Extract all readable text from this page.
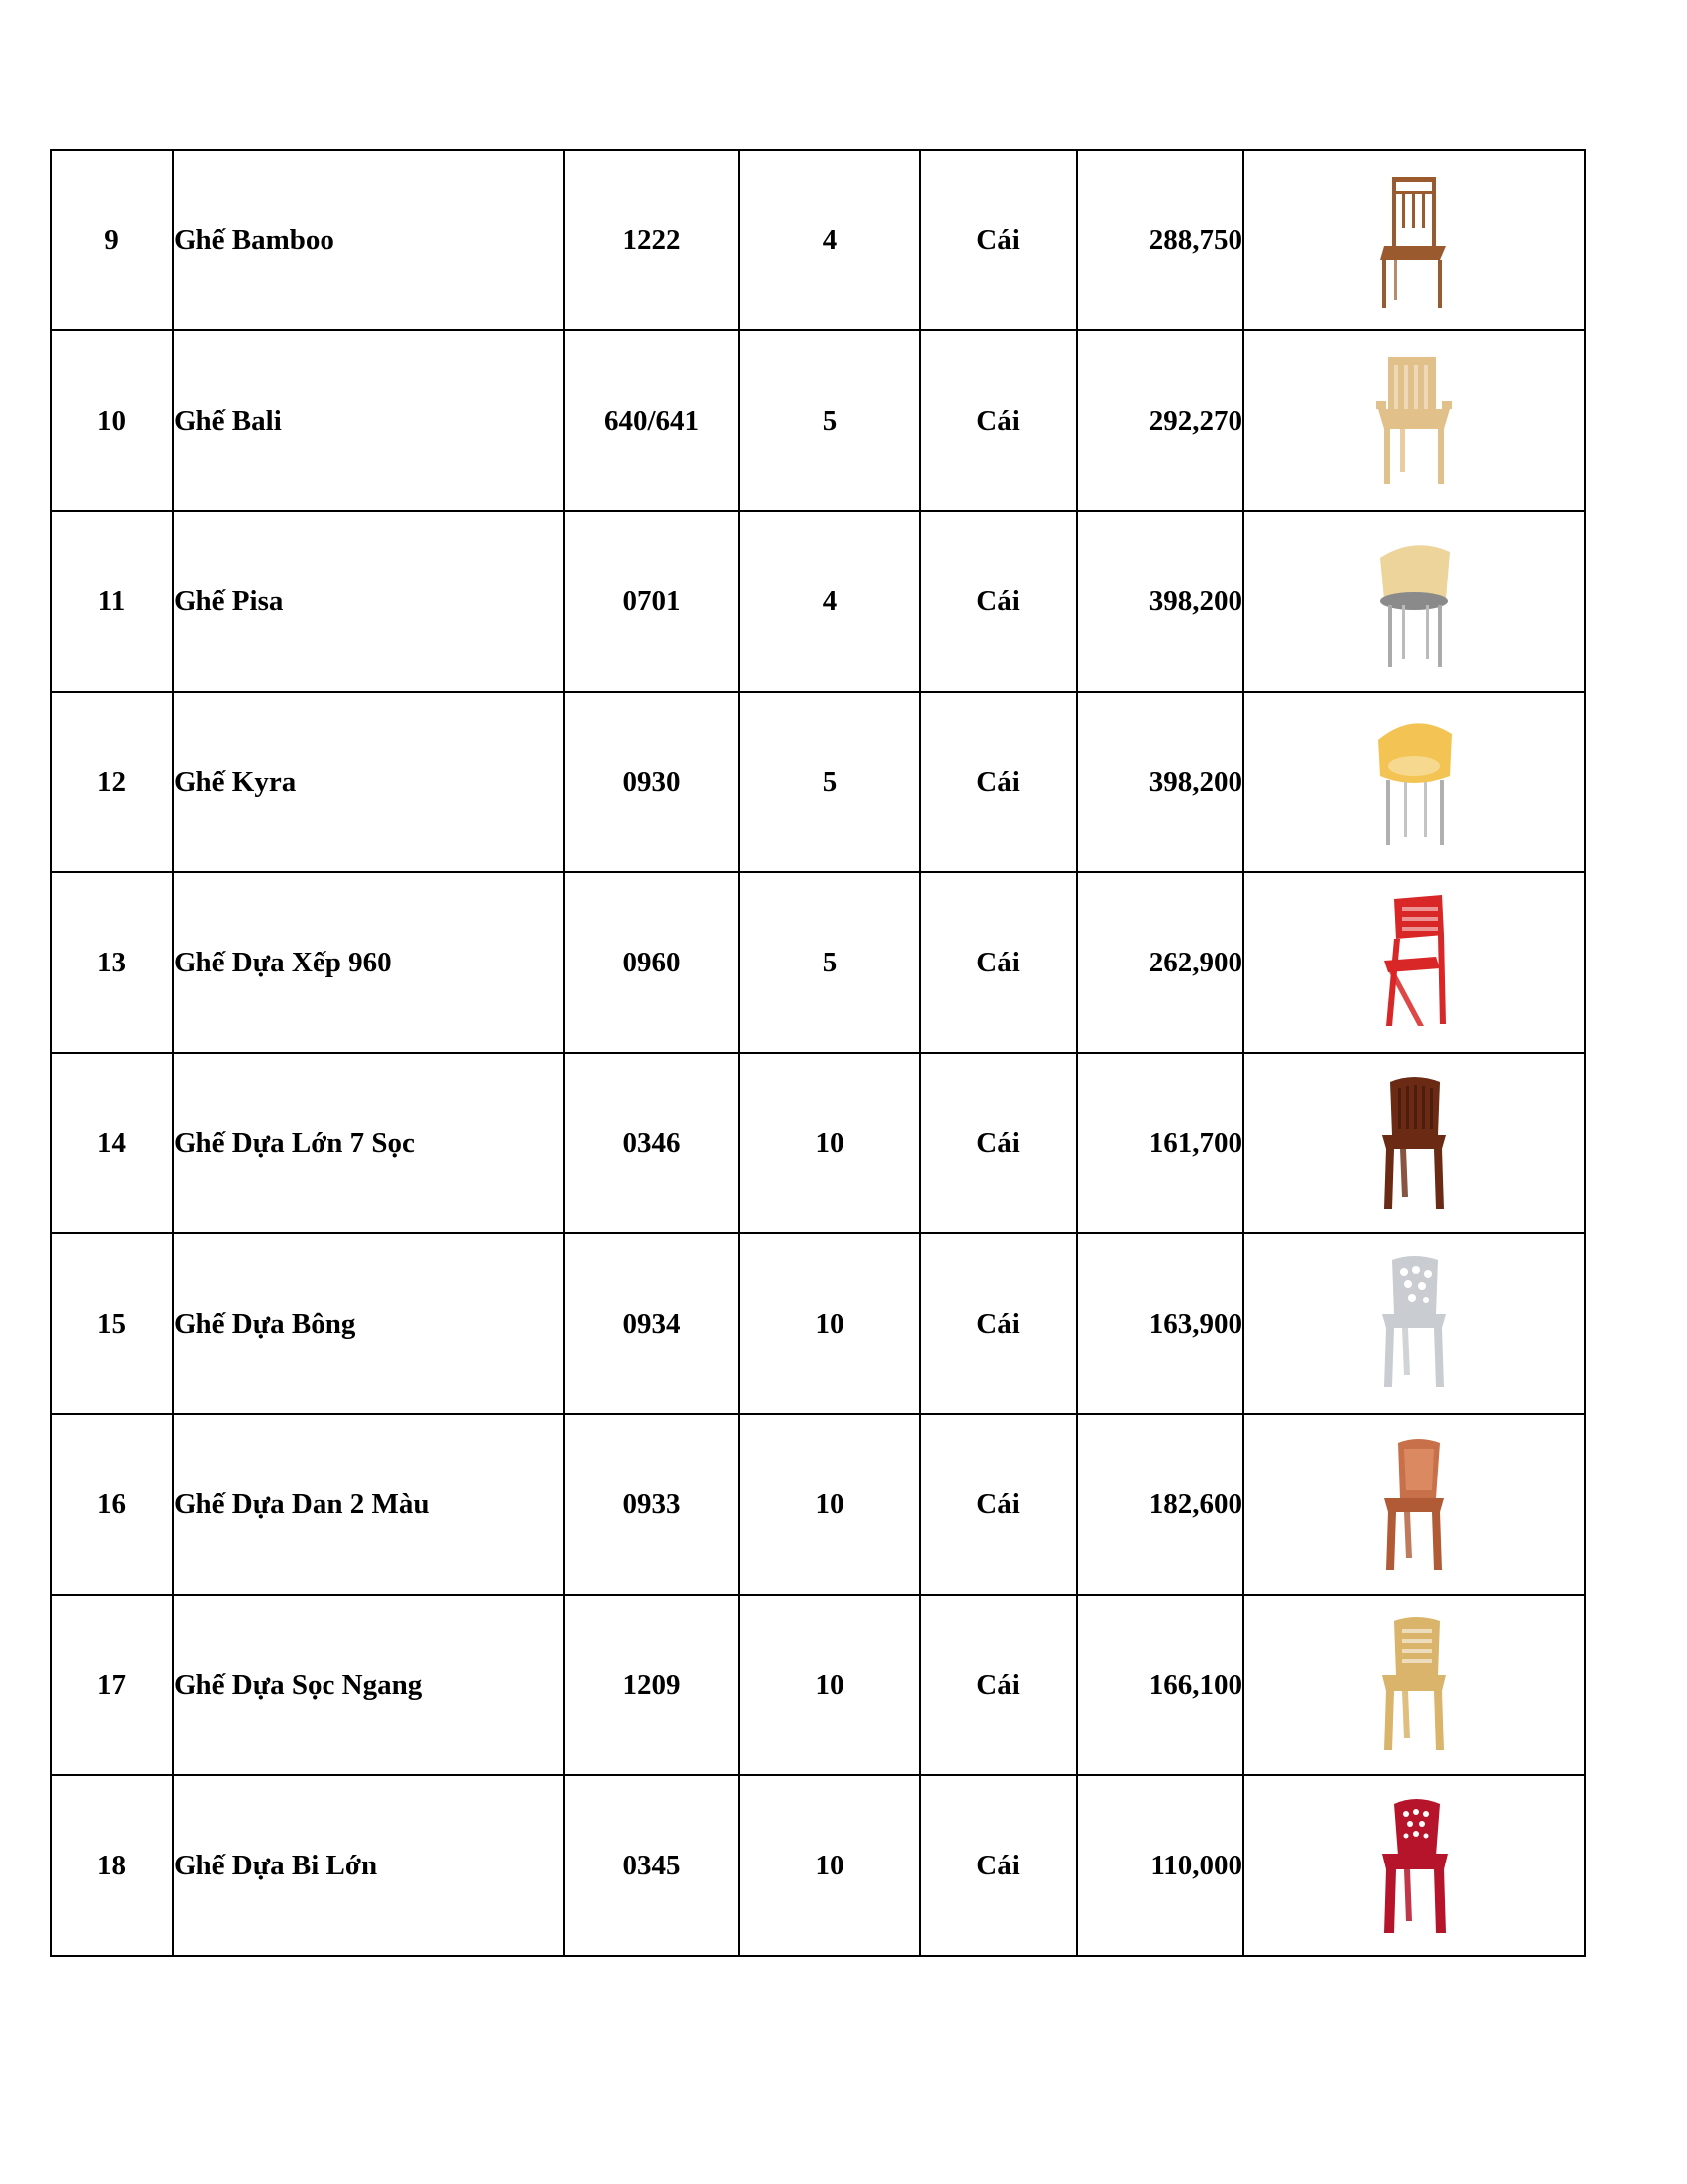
9	Ghế Bamboo	1222	4	Cái	288,750	

10	Ghế Bali	640/641	5	Cái	292,270	

11	Ghế Pisa	0701	4	Cái	398,200	

12	Ghế Kyra	0930	5	Cái	398,200	

13	Ghế Dựa Xếp 960	0960	5	Cái	262,900	

14	Ghế Dựa Lớn 7 Sọc	0346	10	Cái	161,700	

15	Ghế Dựa Bông	0934	10	Cái	163,900	

16	Ghế Dựa Dan 2 Màu	0933	10	Cái	182,600	

17	Ghế Dựa Sọc Ngang	1209	10	Cái	166,100	

18	Ghế Dựa Bi Lớn	0345	10	Cái	110,000	
